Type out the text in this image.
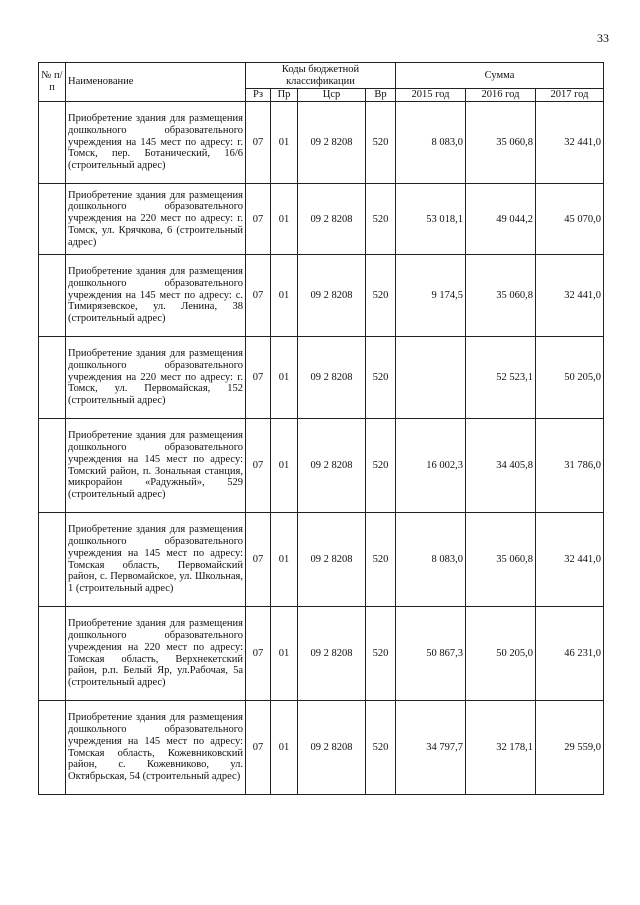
33
№ п/п	Наименование	Коды бюджетной классификации				Сумма		
		Рз	Пр	Цср	Вр	2015 год	2016 год	2017 год
	Приобретение здания для размещения дошкольного образовательного учреждения на 145 мест по адресу: г. Томск, пер. Ботанический, 16/6 (строительный адрес)	07	01	09 2 8208	520	8 083,0	35 060,8	32 441,0
	Приобретение здания для размещения дошкольного образовательного учреждения на 220 мест по адресу: г. Томск, ул. Крячкова, 6 (строительный адрес)	07	01	09 2 8208	520	53 018,1	49 044,2	45 070,0
	Приобретение здания для размещения дошкольного образовательного учреждения на 145 мест по адресу: с. Тимирязевское, ул. Ленина, 38 (строительный адрес)	07	01	09 2 8208	520	9 174,5	35 060,8	32 441,0
	Приобретение здания для размещения дошкольного образовательного учреждения на 220 мест по адресу: г. Томск, ул. Первомайская, 152 (строительный адрес)	07	01	09 2 8208	520		52 523,1	50 205,0
	Приобретение здания для размещения дошкольного образовательного учреждения на 145 мест по адресу: Томский район, п. Зональная станция, микрорайон «Радужный», 529 (строительный адрес)	07	01	09 2 8208	520	16 002,3	34 405,8	31 786,0
	Приобретение здания для размещения дошкольного образовательного учреждения на 145 мест по адресу: Томская область, Первомайский район, с. Первомайское, ул. Школьная, 1 (строительный адрес)	07	01	09 2 8208	520	8 083,0	35 060,8	32 441,0
	Приобретение здания для размещения дошкольного образовательного учреждения на 220 мест по адресу: Томская область, Верхнекетский район, р.п. Белый Яр, ул.Рабочая, 5а (строительный адрес)	07	01	09 2 8208	520	50 867,3	50 205,0	46 231,0
	Приобретение здания для размещения дошкольного образовательного учреждения на 145 мест по адресу: Томская область, Кожевниковский район, с. Кожевниково, ул. Октябрьская, 54 (строительный адрес)	07	01	09 2 8208	520	34 797,7	32 178,1	29 559,0
